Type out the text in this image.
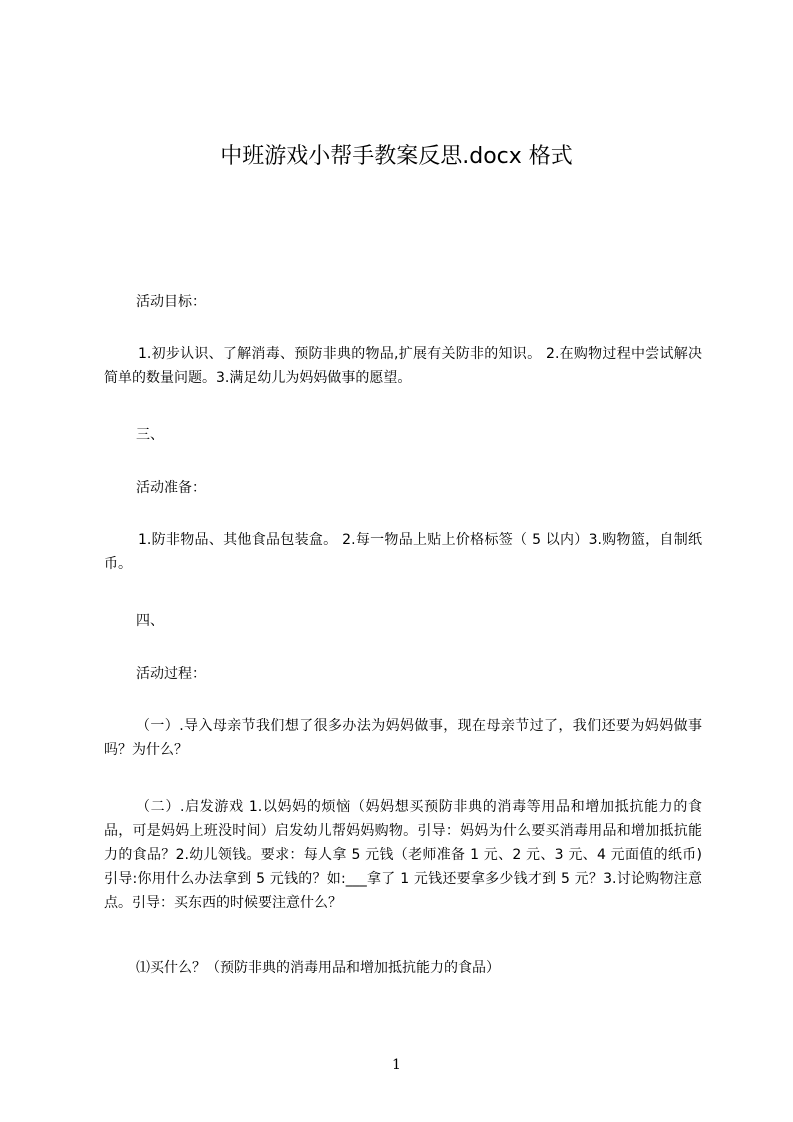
中班游戏小帮手教案反思.docx 格式

活动目标：

1.初步认识、了解消毒、预防非典的物品,扩展有关防非的知识。 2.在购物过程中尝试解决简单的数量问题。3.满足幼儿为妈妈做事的愿望。

三、

活动准备：

1.防非物品、其他食品包装盒。 2.每一物品上贴上价格标签（ 5 以内）3.购物篮，自制纸币。

四、

活动过程：

（一）.导入母亲节我们想了很多办法为妈妈做事，现在母亲节过了，我们还要为妈妈做事吗？为什么？

（二）.启发游戏 1.以妈妈的烦恼（妈妈想买预防非典的消毒等用品和增加抵抗能力的食品，可是妈妈上班没时间）启发幼儿帮妈妈购物。引导：妈妈为什么要买消毒用品和增加抵抗能力的食品？2.幼儿领钱。要求：每人拿 5 元钱（老师准备 1 元、2 元、3 元、4 元面值的纸币)引导:你用什么办法拿到 5 元钱的？如:___拿了 1 元钱还要拿多少钱才到 5 元？3.讨论购物注意点。引导：买东西的时候要注意什么？

⑴买什么？（预防非典的消毒用品和增加抵抗能力的食品）

1
